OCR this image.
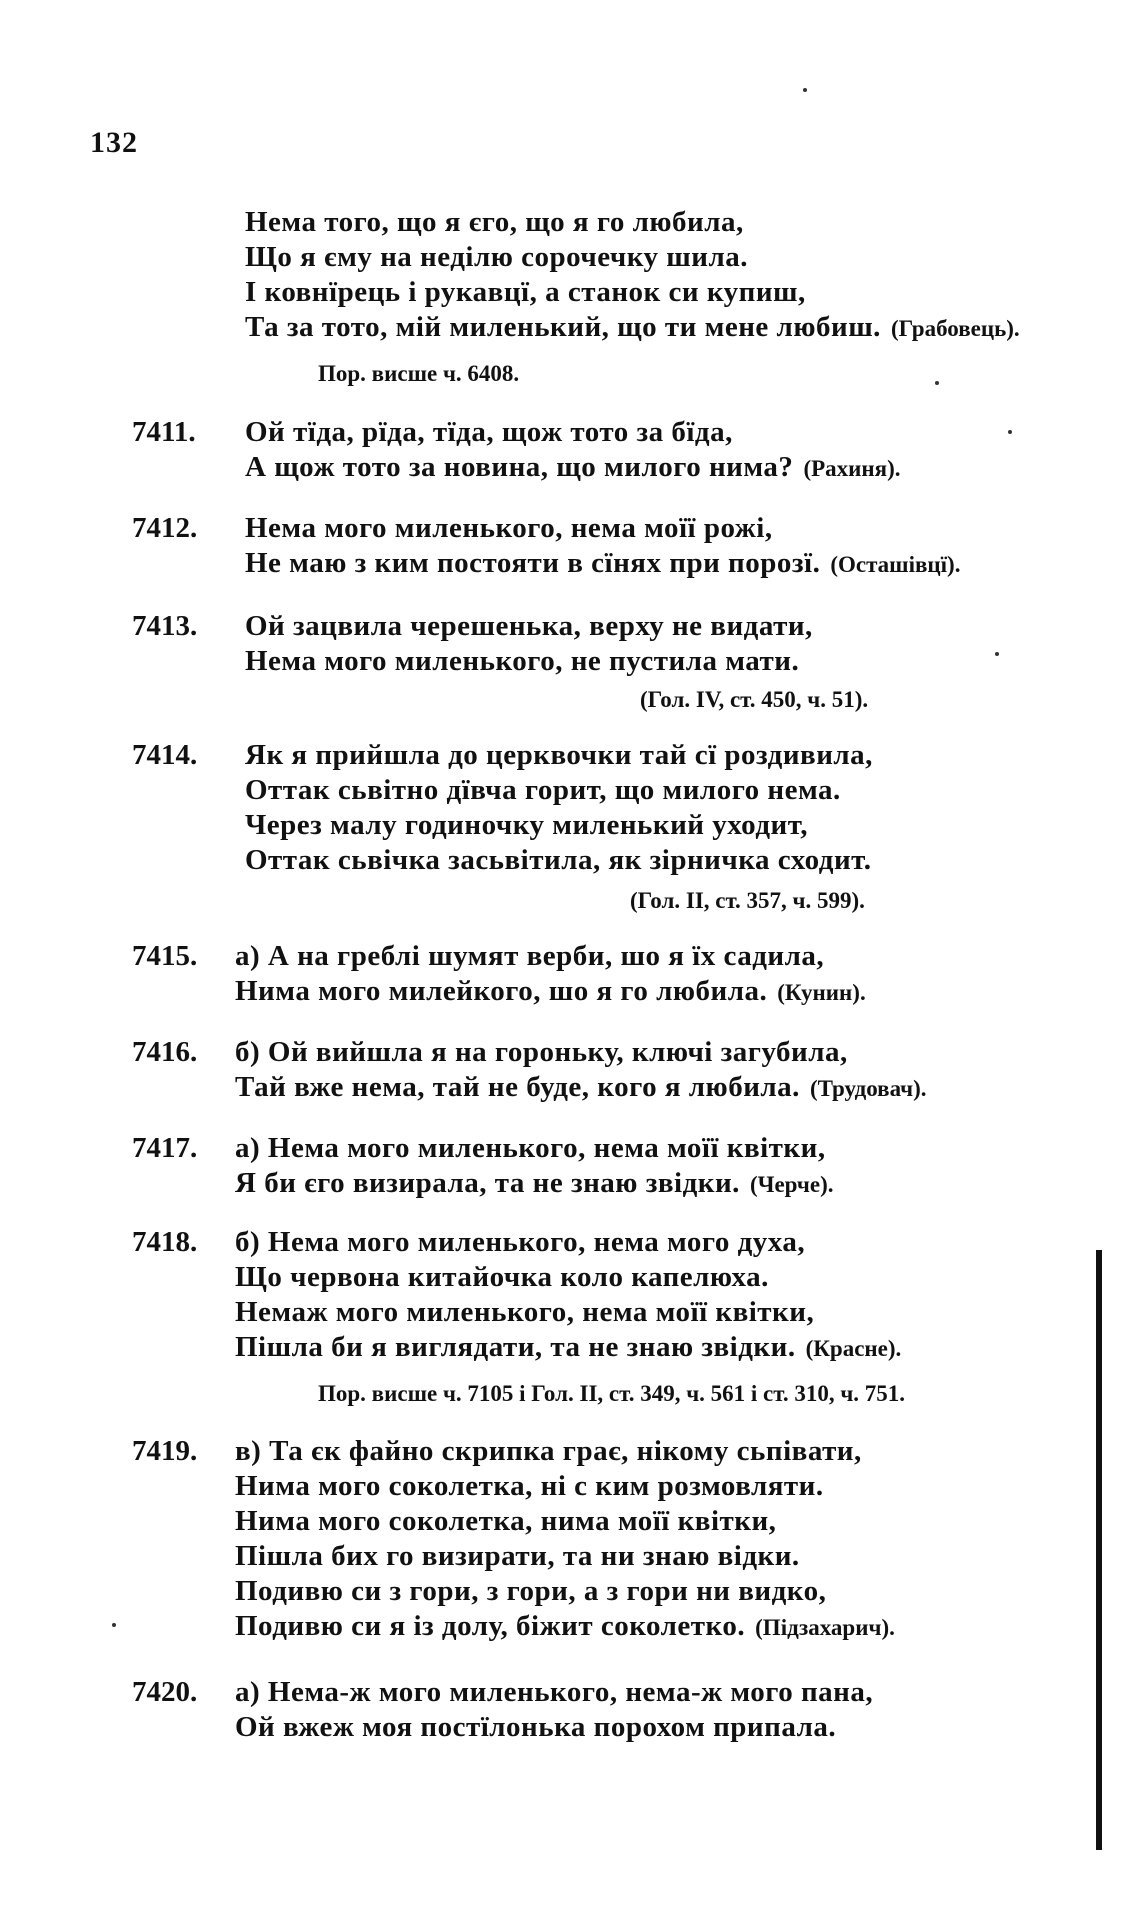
132
Нема того, що я єго, що я го любила,
Що я єму на неділю сорочечку шила.
І ковнїрець і рукавцї, а станок си купиш,
Та за тото, мій миленький, що ти мене любиш. (Грабовець).
Пор. висше ч. 6408.
7411. Ой тїда, рїда, тїда, щож тото за бїда,
А щож тото за новина, що милого нима? (Рахиня).
7412. Нема мого миленького, нема моїї рожі,
Не маю з ким постояти в сїнях при порозї. (Осташівцї).
7413. Ой зацвила черешенька, верху не видати,
Нема мого миленького, не пустила мати.
(Гол. IV, ст. 450, ч. 51).
7414. Як я прийшла до церквочки тай сї роздивила,
Оттак сьвітно дївча горит, що милого нема.
Через малу годиночку миленький уходит,
Оттак сьвічка засьвітила, як зірничка сходит.
(Гол. II, ст. 357, ч. 599).
7415. а) А на греблі шумят верби, шо я їх садила,
Нима мого милейкого, шо я го любила. (Кунин).
7416. б) Ой вийшла я на гороньку, ключі загубила,
Тай вже нема, тай не буде, кого я любила. (Трудовач).
7417. а) Нема мого миленького, нема моїї квітки,
Я би єго визирала, та не знаю звідки. (Черче).
7418. б) Нема мого миленького, нема мого духа,
Що червона китайочка коло капелюха.
Немаж мого миленького, нема моїї квітки,
Пішла би я виглядати, та не знаю звідки. (Красне).
Пор. висше ч. 7105 і Гол. II, ст. 349, ч. 561 і ст. 310, ч. 751.
7419. в) Та єк файно скрипка грає, нікому сьпівати,
Нима мого соколетка, ні с ким розмовляти.
Нима мого соколетка, нима моїї квітки,
Пішла бих го визирати, та ни знаю відки.
Подивю си з гори, з гори, а з гори ни видко,
Подивю си я із долу, біжит соколетко. (Підзахарич).
7420. а) Нема-ж мого миленького, нема-ж мого пана,
Ой вжеж моя постїлонька порохом припала.
